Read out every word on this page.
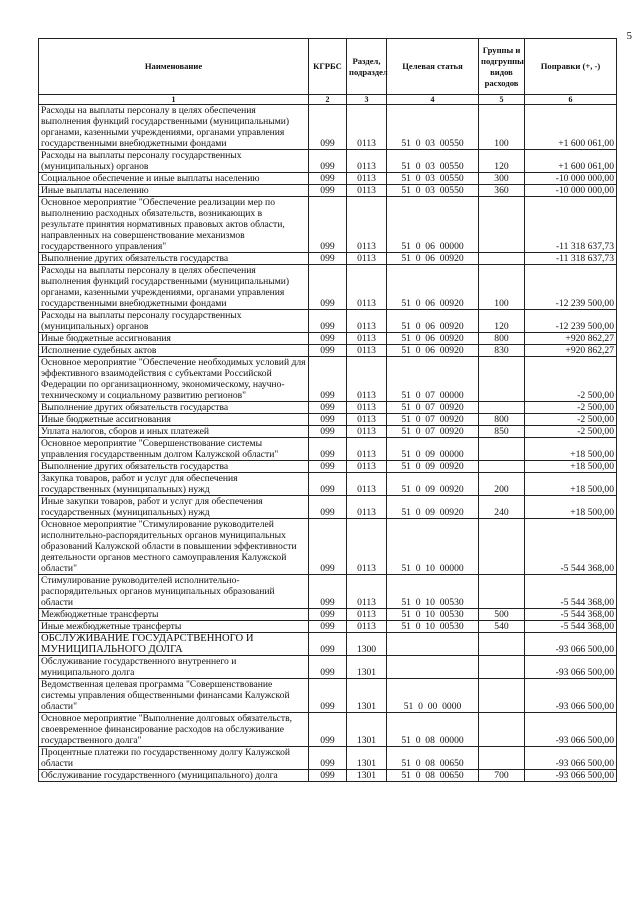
5
Наименование	КГРБС	Раздел, подраздел	Целевая статья	Группы и подгруппы видов расходов	Поправки (+, -)
1	2	3	4	5	6
Расходы на выплаты персоналу в целях обеспечения выполнения функций государственными (муниципальными) органами, казенными учреждениями, органами управления государственными внебюджетными фондами	099	0113	51  0  03  00550	100	+1 600 061,00
Расходы на выплаты персоналу государственных (муниципальных) органов	099	0113	51  0  03  00550	120	+1 600 061,00
Социальное обеспечение и иные выплаты населению	099	0113	51  0  03  00550	300	-10 000 000,00
Иные выплаты населению	099	0113	51  0  03  00550	360	-10 000 000,00
Основное мероприятие "Обеспечение реализации мер по выполнению расходных обязательств, возникающих в результате принятия нормативных правовых актов области, направленных на совершенствование механизмов государственного управления"	099	0113	51  0  06  00000		-11 318 637,73
Выполнение других обязательств государства	099	0113	51  0  06  00920		-11 318 637,73
Расходы на выплаты персоналу в целях обеспечения выполнения функций государственными (муниципальными) органами, казенными учреждениями, органами управления государственными внебюджетными фондами	099	0113	51  0  06  00920	100	-12 239 500,00
Расходы на выплаты персоналу государственных (муниципальных) органов	099	0113	51  0  06  00920	120	-12 239 500,00
Иные бюджетные ассигнования	099	0113	51  0  06  00920	800	+920 862,27
Исполнение судебных актов	099	0113	51  0  06  00920	830	+920 862,27
Основное мероприятие "Обеспечение необходимых условий для эффективного взаимодействия с субъектами Российской Федерации по организационному, экономическому, научно-техническому и социальному развитию регионов"	099	0113	51  0  07  00000		-2 500,00
Выполнение других обязательств государства	099	0113	51  0  07  00920		-2 500,00
Иные бюджетные ассигнования	099	0113	51  0  07  00920	800	-2 500,00
Уплата налогов, сборов и иных платежей	099	0113	51  0  07  00920	850	-2 500,00
Основное мероприятие "Совершенствование системы управления государственным долгом Калужской области"	099	0113	51  0  09  00000		+18 500,00
Выполнение других обязательств государства	099	0113	51  0  09  00920		+18 500,00
Закупка товаров, работ и услуг для обеспечения государственных (муниципальных) нужд	099	0113	51  0  09  00920	200	+18 500,00
Иные закупки товаров, работ и услуг для обеспечения государственных (муниципальных) нужд	099	0113	51  0  09  00920	240	+18 500,00
Основное мероприятие "Стимулирование руководителей исполнительно-распорядительных органов муниципальных образований Калужской области в повышении эффективности деятельности органов местного самоуправления Калужской области"	099	0113	51  0  10  00000		-5 544 368,00
Стимулирование руководителей исполнительно-распорядительных органов муниципальных образований области	099	0113	51  0  10  00530		-5 544 368,00
Межбюджетные трансферты	099	0113	51  0  10  00530	500	-5 544 368,00
Иные межбюджетные трансферты	099	0113	51  0  10  00530	540	-5 544 368,00
ОБСЛУЖИВАНИЕ ГОСУДАРСТВЕННОГО И МУНИЦИПАЛЬНОГО ДОЛГА	099	1300			-93 066 500,00
Обслуживание государственного внутреннего и муниципального долга	099	1301			-93 066 500,00
Ведомственная целевая программа "Совершенствование системы управления общественными финансами Калужской области"	099	1301	51  0  00  0000		-93 066 500,00
Основное мероприятие "Выполнение долговых обязательств, своевременное финансирование расходов на обслуживание государственного долга"	099	1301	51  0  08  00000		-93 066 500,00
Процентные платежи по государственному долгу Калужской области	099	1301	51  0  08  00650		-93 066 500,00
Обслуживание государственного (муниципального) долга	099	1301	51  0  08  00650	700	-93 066 500,00
